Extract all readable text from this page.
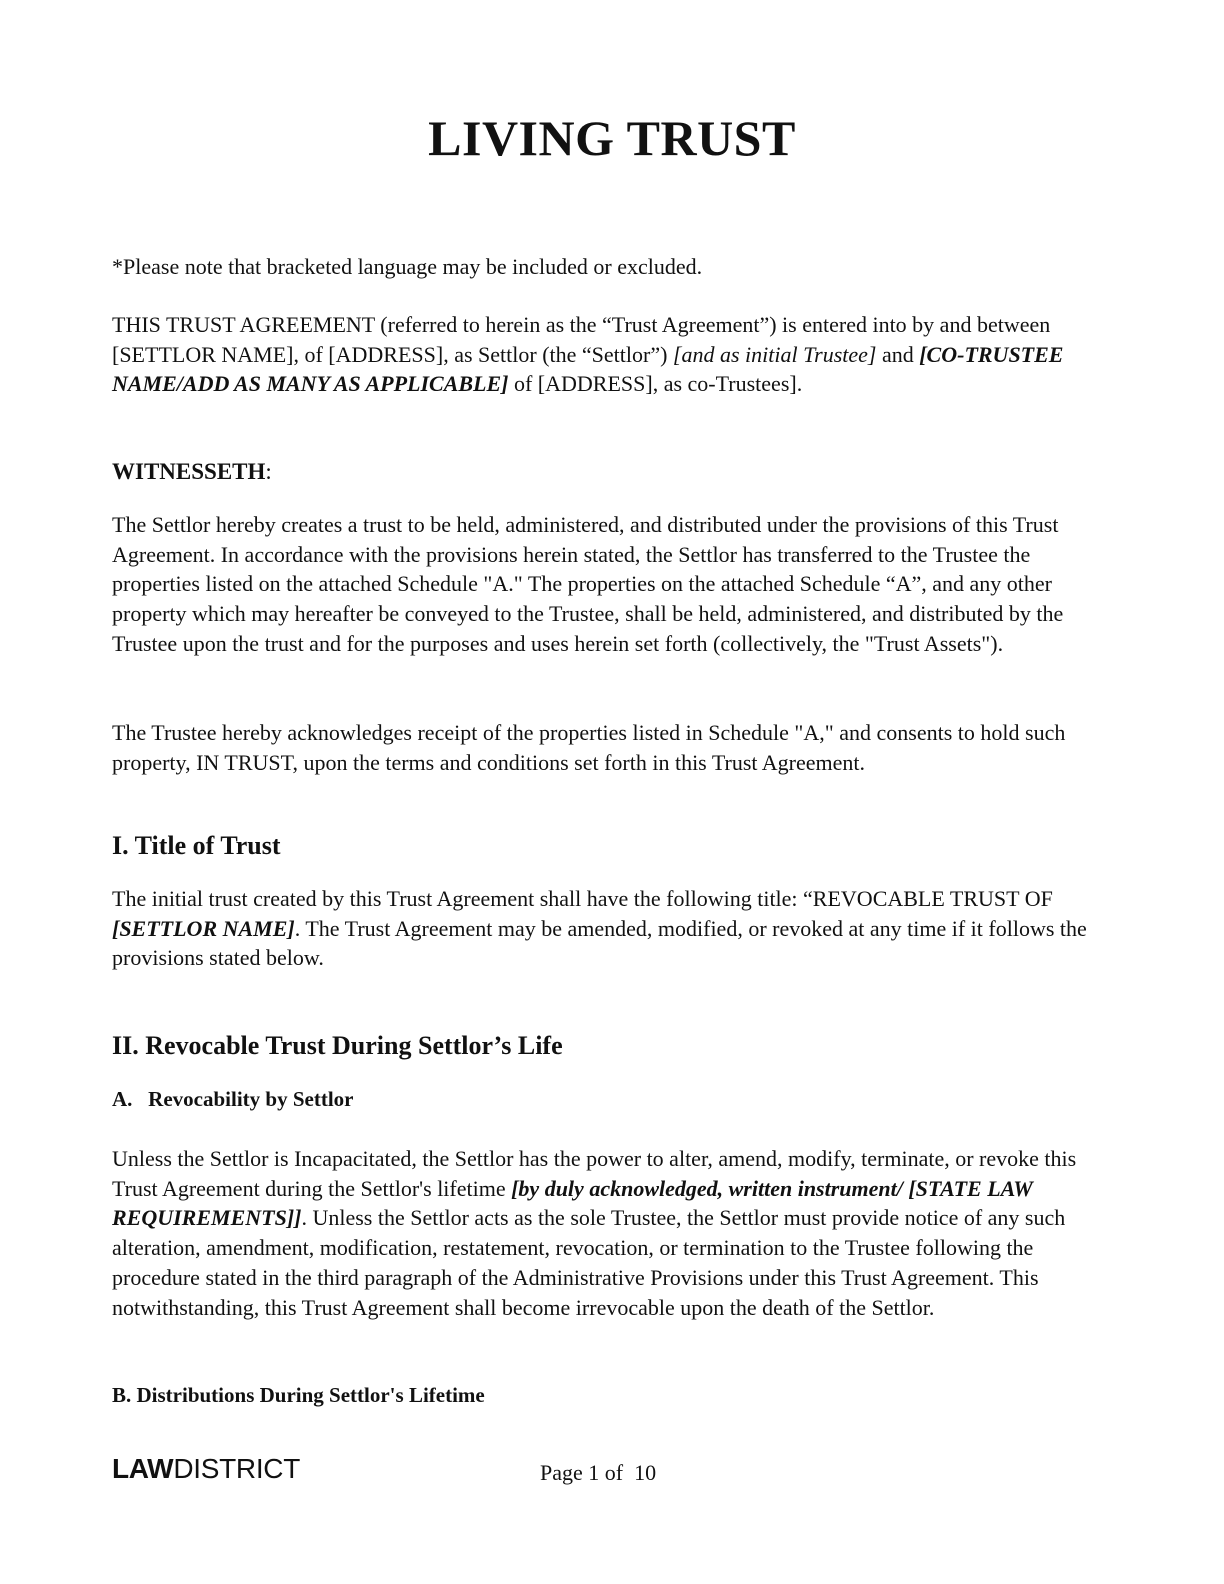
LIVING TRUST

*Please note that bracketed language may be included or excluded.

THIS TRUST AGREEMENT (referred to herein as the “Trust Agreement”) is entered into by and between [SETTLOR NAME], of [ADDRESS], as Settlor (the “Settlor”) [and as initial Trustee] and [CO-TRUSTEE NAME/ADD AS MANY AS APPLICABLE] of [ADDRESS], as co-Trustees].

WITNESSETH:

The Settlor hereby creates a trust to be held, administered, and distributed under the provisions of this Trust Agreement. In accordance with the provisions herein stated, the Settlor has transferred to the Trustee the properties listed on the attached Schedule "A." The properties on the attached Schedule “A”, and any other property which may hereafter be conveyed to the Trustee, shall be held, administered, and distributed by the Trustee upon the trust and for the purposes and uses herein set forth (collectively, the "Trust Assets").

The Trustee hereby acknowledges receipt of the properties listed in Schedule "A," and consents to hold such property, IN TRUST, upon the terms and conditions set forth in this Trust Agreement.

I. Title of Trust

The initial trust created by this Trust Agreement shall have the following title: “REVOCABLE TRUST OF [SETTLOR NAME]. The Trust Agreement may be amended, modified, or revoked at any time if it follows the provisions stated below.

II. Revocable Trust During Settlor’s Life
A.   Revocability by Settlor

Unless the Settlor is Incapacitated, the Settlor has the power to alter, amend, modify, terminate, or revoke this Trust Agreement during the Settlor's lifetime [by duly acknowledged, written instrument/ [STATE LAW REQUIREMENTS]]. Unless the Settlor acts as the sole Trustee, the Settlor must provide notice of any such alteration, amendment, modification, restatement, revocation, or termination to the Trustee following the procedure stated in the third paragraph of the Administrative Provisions under this Trust Agreement. This notwithstanding, this Trust Agreement shall become irrevocable upon the death of the Settlor.

B. Distributions During Settlor's Lifetime
LAWDISTRICT	Page 1 of  10
